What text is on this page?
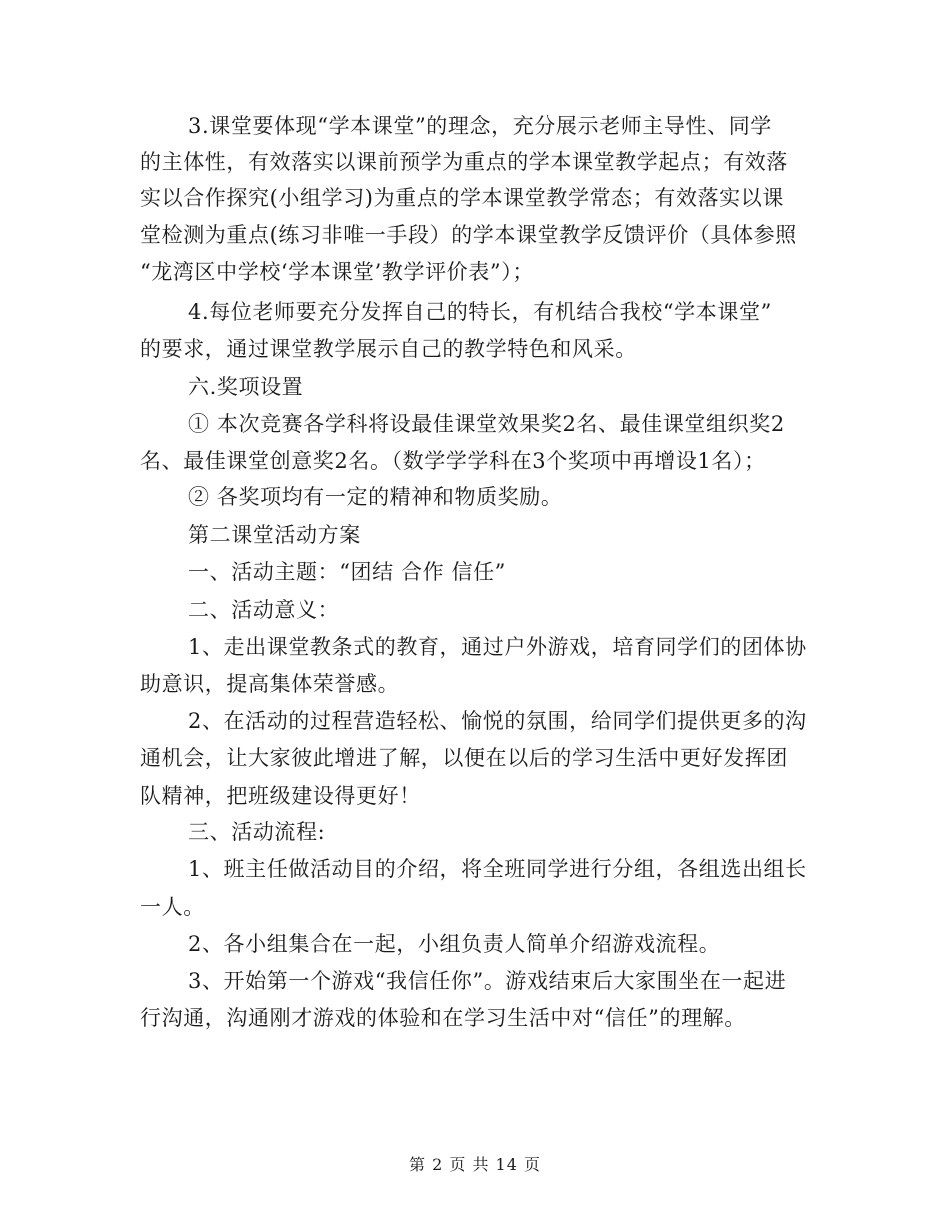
3.课堂要体现“学本课堂”的理念，充分展示老师主导性、同学
的主体性，有效落实以课前预学为重点的学本课堂教学起点；有效落
实以合作探究(小组学习)为重点的学本课堂教学常态；有效落实以课
堂检测为重点(练习非唯一手段）的学本课堂教学反馈评价（具体参照
“龙湾区中学校‘学本课堂’教学评价表”）；
4.每位老师要充分发挥自己的特长，有机结合我校“学本课堂”
的要求，通过课堂教学展示自己的教学特色和风采。
六.奖项设置
① 本次竞赛各学科将设最佳课堂效果奖2名、最佳课堂组织奖2
名、最佳课堂创意奖2名。（数学学学科在3个奖项中再增设1名）；
② 各奖项均有一定的精神和物质奖励。
第二课堂活动方案
一、活动主题：“团结 合作 信任”
二、活动意义：
1、走出课堂教条式的教育，通过户外游戏，培育同学们的团体协
助意识，提高集体荣誉感。
2、在活动的过程营造轻松、愉悦的氛围，给同学们提供更多的沟
通机会，让大家彼此增进了解，以便在以后的学习生活中更好发挥团
队精神，把班级建设得更好！
三、活动流程:
1、班主任做活动目的介绍，将全班同学进行分组，各组选出组长
一人。
2、各小组集合在一起，小组负责人简单介绍游戏流程。
3、开始第一个游戏“我信任你”。游戏结束后大家围坐在一起进
行沟通，沟通刚才游戏的体验和在学习生活中对“信任”的理解。
第 2 页 共 14 页
